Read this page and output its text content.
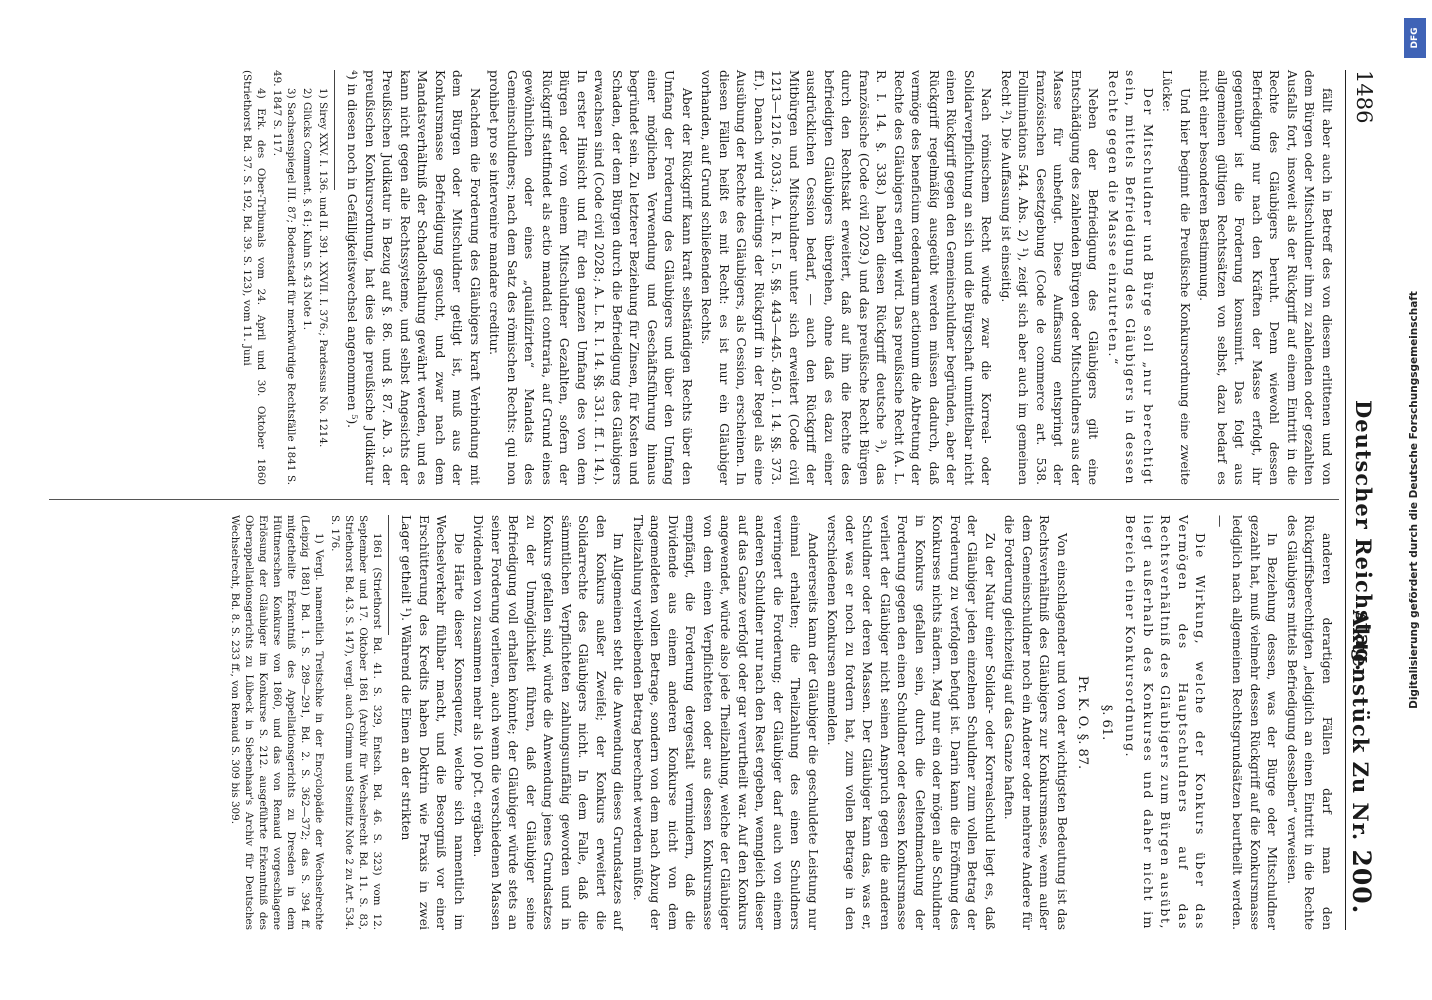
1486
Deutscher Reichstag.
Aktenstück Zu Nr. 200.

fällt aber auch in Betreff des von diesem erlittenen und von dem Bürgen oder Mitschuldner ihm zu zahlenden oder gezahlten Ausfalls fort, insoweit als der Rückgriff auf einem Eintritt in die Rechte des Gläubigers beruht. Denn wiewohl dessen Befriedigung nur nach den Kräften der Masse erfolgt, ihr gegenüber ist die Forderung konsumirt. Das folgt aus allgemeinen gültigen Rechtssätzen von selbst, dazu bedarf es nicht einer besonderen Bestimmung.

Und hier beginnt die Preußische Konkursordnung eine zweite Lücke:

Der Mitschuldner und Bürge soll „nur berechtigt sein, mittels Befriedigung des Gläubigers in dessen Rechte gegen die Masse einzutreten.“

Neben der Befriedigung des Gläubigers gilt eine Entschädigung des zahlenden Bürgen oder Mitschuldners aus der Masse für unbefugt. Diese Auffassung entspringt der französischen Gesetzgebung (Code de commerce art. 538. Folliminations 544. Abs. 2) ¹), zeigt sich aber auch im gemeinen Recht ²). Die Auffassung ist einseitig.

Nach römischem Recht würde zwar die Korreal- oder Solidarverpflichtung an sich und die Bürgschaft unmittelbar nicht einen Rückgriff gegen den Gemeinschuldner begründen, aber der Rückgriff regelmäßig ausgeübt werden müssen dadurch, daß vermöge des beneficium cedendarum actionum die Abtretung der Rechte des Gläubigers erlangt wird. Das preußische Recht (A. L. R. I. 14. §. 338.) haben diesen Rückgriff deutsche ³), das französische (Code civil 2029.) und das preußische Recht Bürgen durch den Rechtsakt erweitert, daß auf ihn die Rechte des befriedigten Gläubigers übergehen, ohne daß es dazu einer ausdrücklichen Cession bedarf, — auch den Rückgriff der Mitbürgen und Mitschuldner unter sich erweitert (Code civil 1213—1216. 2033.; A. L. R. I. 5. §§. 443—445. 450. I. 14. §§. 373. ff.). Danach wird allerdings der Rückgriff in der Regel als eine Ausübung der Rechte des Gläubigers, als Cession, erscheinen. In diesen Fällen heißt es mit Recht: es ist nur ein Gläubiger vorhanden, auf Grund schließenden Rechts.

Aber der Rückgriff kann kraft selbständigen Rechts über den Umfang der Forderung des Gläubigers und über den Umfang einer möglichen Verwendung und Geschäftsführung hinaus begründet sein. Zu letzterer Beziehung für Zinsen, für Kosten und Schaden, der dem Bürgen durch die Befriedigung des Gläubigers erwachsen sind (Code civil 2028.; A. L. R. I. 14. §§. 331. ff. I. 14.). In erster Hinsicht und für den ganzen Umfang des von dem Bürgen oder von einem Mitschuldner Gezahlten, sofern der Rückgriff stattfindet als actio mandati contraria, auf Grund eines gewöhnlichen oder eines „qualifizirten“ Mandats des Gemeinschuldners; nach dem Satz des römischen Rechts: qui non prohibet pro se intervenire mandare creditur.

Nachdem die Forderung des Gläubigers kraft Verbindung mit dem Bürgen oder Mitschuldner getilgt ist, muß aus der Konkursmasse Befriedigung gesucht, und zwar nach dem Mandatsverhältniß der Schadloshaltung gewährt werden, und es kann nicht gegen alle Rechtssysteme, und selbst Angesichts der Preußischen Judikatur in Bezug auf §. 86. und §. 87. Ab. 3. der preußischen Konkursordnung, hat dies die preußische Judikatur ⁴) in diesen noch in Gefälligkeitswechsel angenommen ⁵).

1) Sirey XXV. I. 136. und II. 391. XXVII. I. 376.; Pardessus No. 1214.

2) Glücks Comment. §. 61; Kuhn S. 43 Note 1.

3) Sachsenspiegel III. 87; Bodenstadt für merkwürdige Rechtsfälle 1841 S. 49. 1847 S. 117.

4) Erk. des Ober-Tribunals vom 24. April und 30. Oktober 1860 (Striethorst Bd. 37. S. 192, Bd. 39. S. 123), vom 11. Juni

anderen derartigen Fällen darf man den Rückgriffsberechtigten „lediglich an einen Eintritt in die Rechte des Gläubigers mittels Befriedigung desselben“ verweisen.

In Beziehung dessen, was der Bürge oder Mitschuldner gezahlt hat, muß vielmehr dessen Rückgriff auf die Konkursmasse lediglich nach allgemeinen Rechtsgrundsätzen beurtheilt werden. —

Die Wirkung, welche der Konkurs über das Vermögen des Hauptschuldners auf das Rechtsverhältniß des Gläubigers zum Bürgen ausübt, liegt außerhalb des Konkurses und daher nicht im Bereich einer Konkursordnung.

§. 61.
Pr. K. O. §. 87.

Von einschlagender und von der wichtigsten Bedeutung ist das Rechtsverhältniß des Gläubigers zur Konkursmasse, wenn außer dem Gemeinschuldner noch ein Anderer oder mehrere Andere für die Forderung gleichzeitig auf das Ganze haften.

Zu der Natur einer Solidar- oder Korrealschuld liegt es, daß der Gläubiger jeden einzelnen Schuldner zum vollen Betrag der Forderung zu verfolgen befugt ist. Darin kann die Eröffnung des Konkurses nichts ändern. Mag nur ein oder mögen alle Schuldner in Konkurs gefallen sein, durch die Geltendmachung der Forderung gegen den einen Schuldner oder dessen Konkursmasse verliert der Gläubiger nicht seinen Anspruch gegen die anderen Schuldner oder deren Massen. Der Gläubiger kann das, was er, oder was er noch zu fordern hat, zum vollen Betrage in den verschiedenen Konkursen anmelden.

Andererseits kann der Gläubiger die geschuldete Leistung nur einmal erhalten; die Theilzahlung des einen Schuldners verringert die Forderung; der Gläubiger darf auch von einem anderen Schuldner nur nach den Rest ergeben, wenngleich dieser auf das Ganze verfolgt oder gar verurtheilt war. Auf den Konkurs angewendet, würde also jede Theilzahlung, welche der Gläubiger von dem einen Verpflichteten oder aus dessen Konkursmasse empfängt, die Forderung dergestalt vermindern, daß die Dividende aus einem anderen Konkurse nicht von dem angemeldeten vollen Betrage, sondern von dem nach Abzug der Theilzahlung verbleibenden Betrag berechnet werden müßte.

Im Allgemeinen steht die Anwendung dieses Grundsatzes auf den Konkurs außer Zweifel; der Konkurs erweitert die Solidarrechte des Gläubigers nicht. In dem Falle, daß die sämmtlichen Verpflichteten zahlungsunfähig geworden und in Konkurs gefallen sind, würde die Anwendung jenes Grundsatzes zu der Unmöglichkeit führen, daß der Gläubiger seine Befriedigung voll erhalten könnte; der Gläubiger würde stets an seiner Forderung verlieren, auch wenn die verschiedenen Massen Dividenden von zusammen mehr als 100 pCt. ergäben.

Die Härte dieser Konsequenz, welche sich namentlich im Wechselverkehr fühlbar macht, und die Besorgniß vor einer Erschütterung des Kredits haben Doktrin wie Praxis in zwei Lager getheilt ¹). Während die Einen an der strikten

1861 (Striethorst Bd. 41. S. 329, Entsch. Bd. 46. S. 323) vom 12. September und 17. Oktober 1861 (Archiv für Wechselrecht Bd. 11. S. 83, Striethorst Bd. 43. S. 147), vergl. auch Grimm und Steinitz Note 2 zu Art. 534. S. 176.

1) Vergl. namentlich Treitschke in der Encyclopädie der Wechselrechte (Leipzig 1881) Bd. 1. S. 289—291, Bd. 2. S. 362—372; das S. 394 ff. mitgetheilte Erkenntniß des Appellationsgerichts zu Dresden in dem Hüttnerschen Konkurse von 1860, und das von Renaud vorgeschlagene Erlösung der Gläubiger im Konkurse S. 212. ausgeführte Erkenntniß des Oberappellationsgerichts zu Lübeck in Siebenhaar's Archiv für Deutsches Wechselrecht, Bd. 8. S. 233 ff., von Renaud S. 309 bis 309.

DFG
Digitalisierung gefördert durch die Deutsche Forschungsgemeinschaft
